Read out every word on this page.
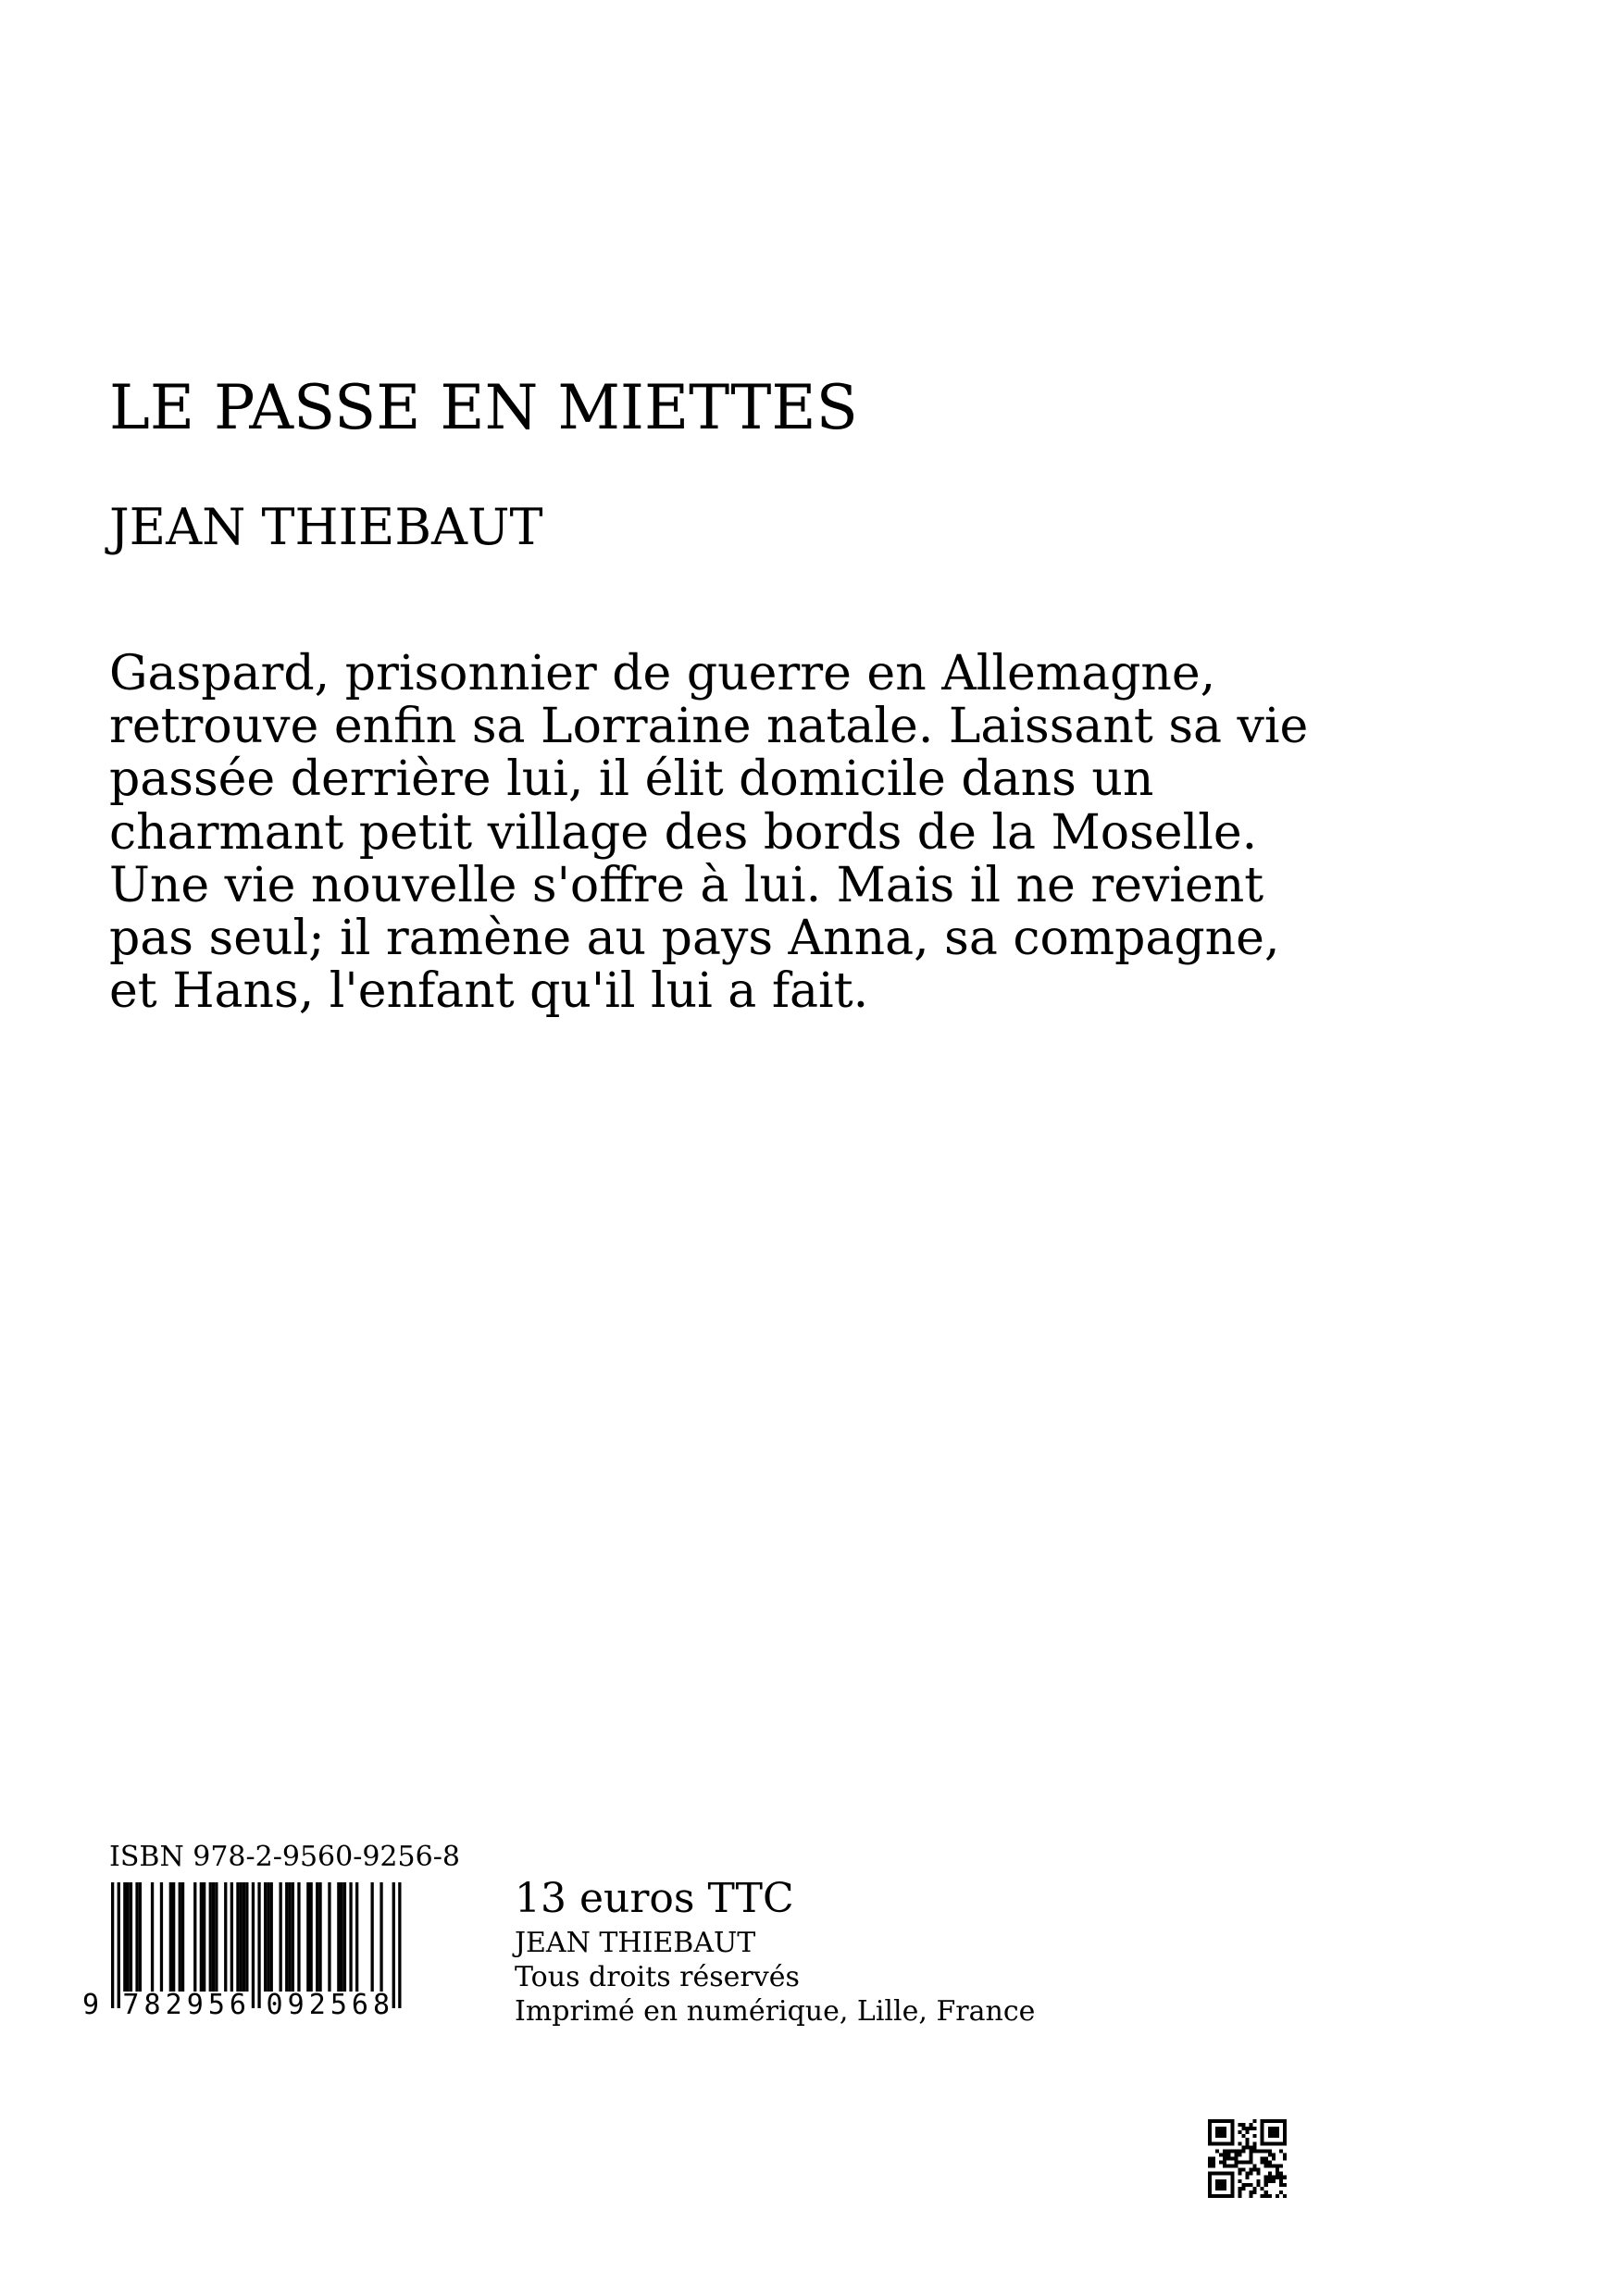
LE PASSE EN MIETTES
JEAN THIEBAUT

Gaspard, prisonnier de guerre en Allemagne, retrouve enfin sa Lorraine natale. Laissant sa vie passée derrière lui, il élit domicile dans un charmant petit village des bords de la Moselle. Une vie nouvelle s'offre à lui. Mais il ne revient pas seul; il ramène au pays Anna, sa compagne, et Hans, l'enfant qu'il lui a fait.

ISBN 978-2-9560-9256-8
9 7 8 2 9 5 6 0 9 2 5 6 8
13 euros TTC
JEAN THIEBAUT
Tous droits réservés
Imprimé en numérique, Lille, France
